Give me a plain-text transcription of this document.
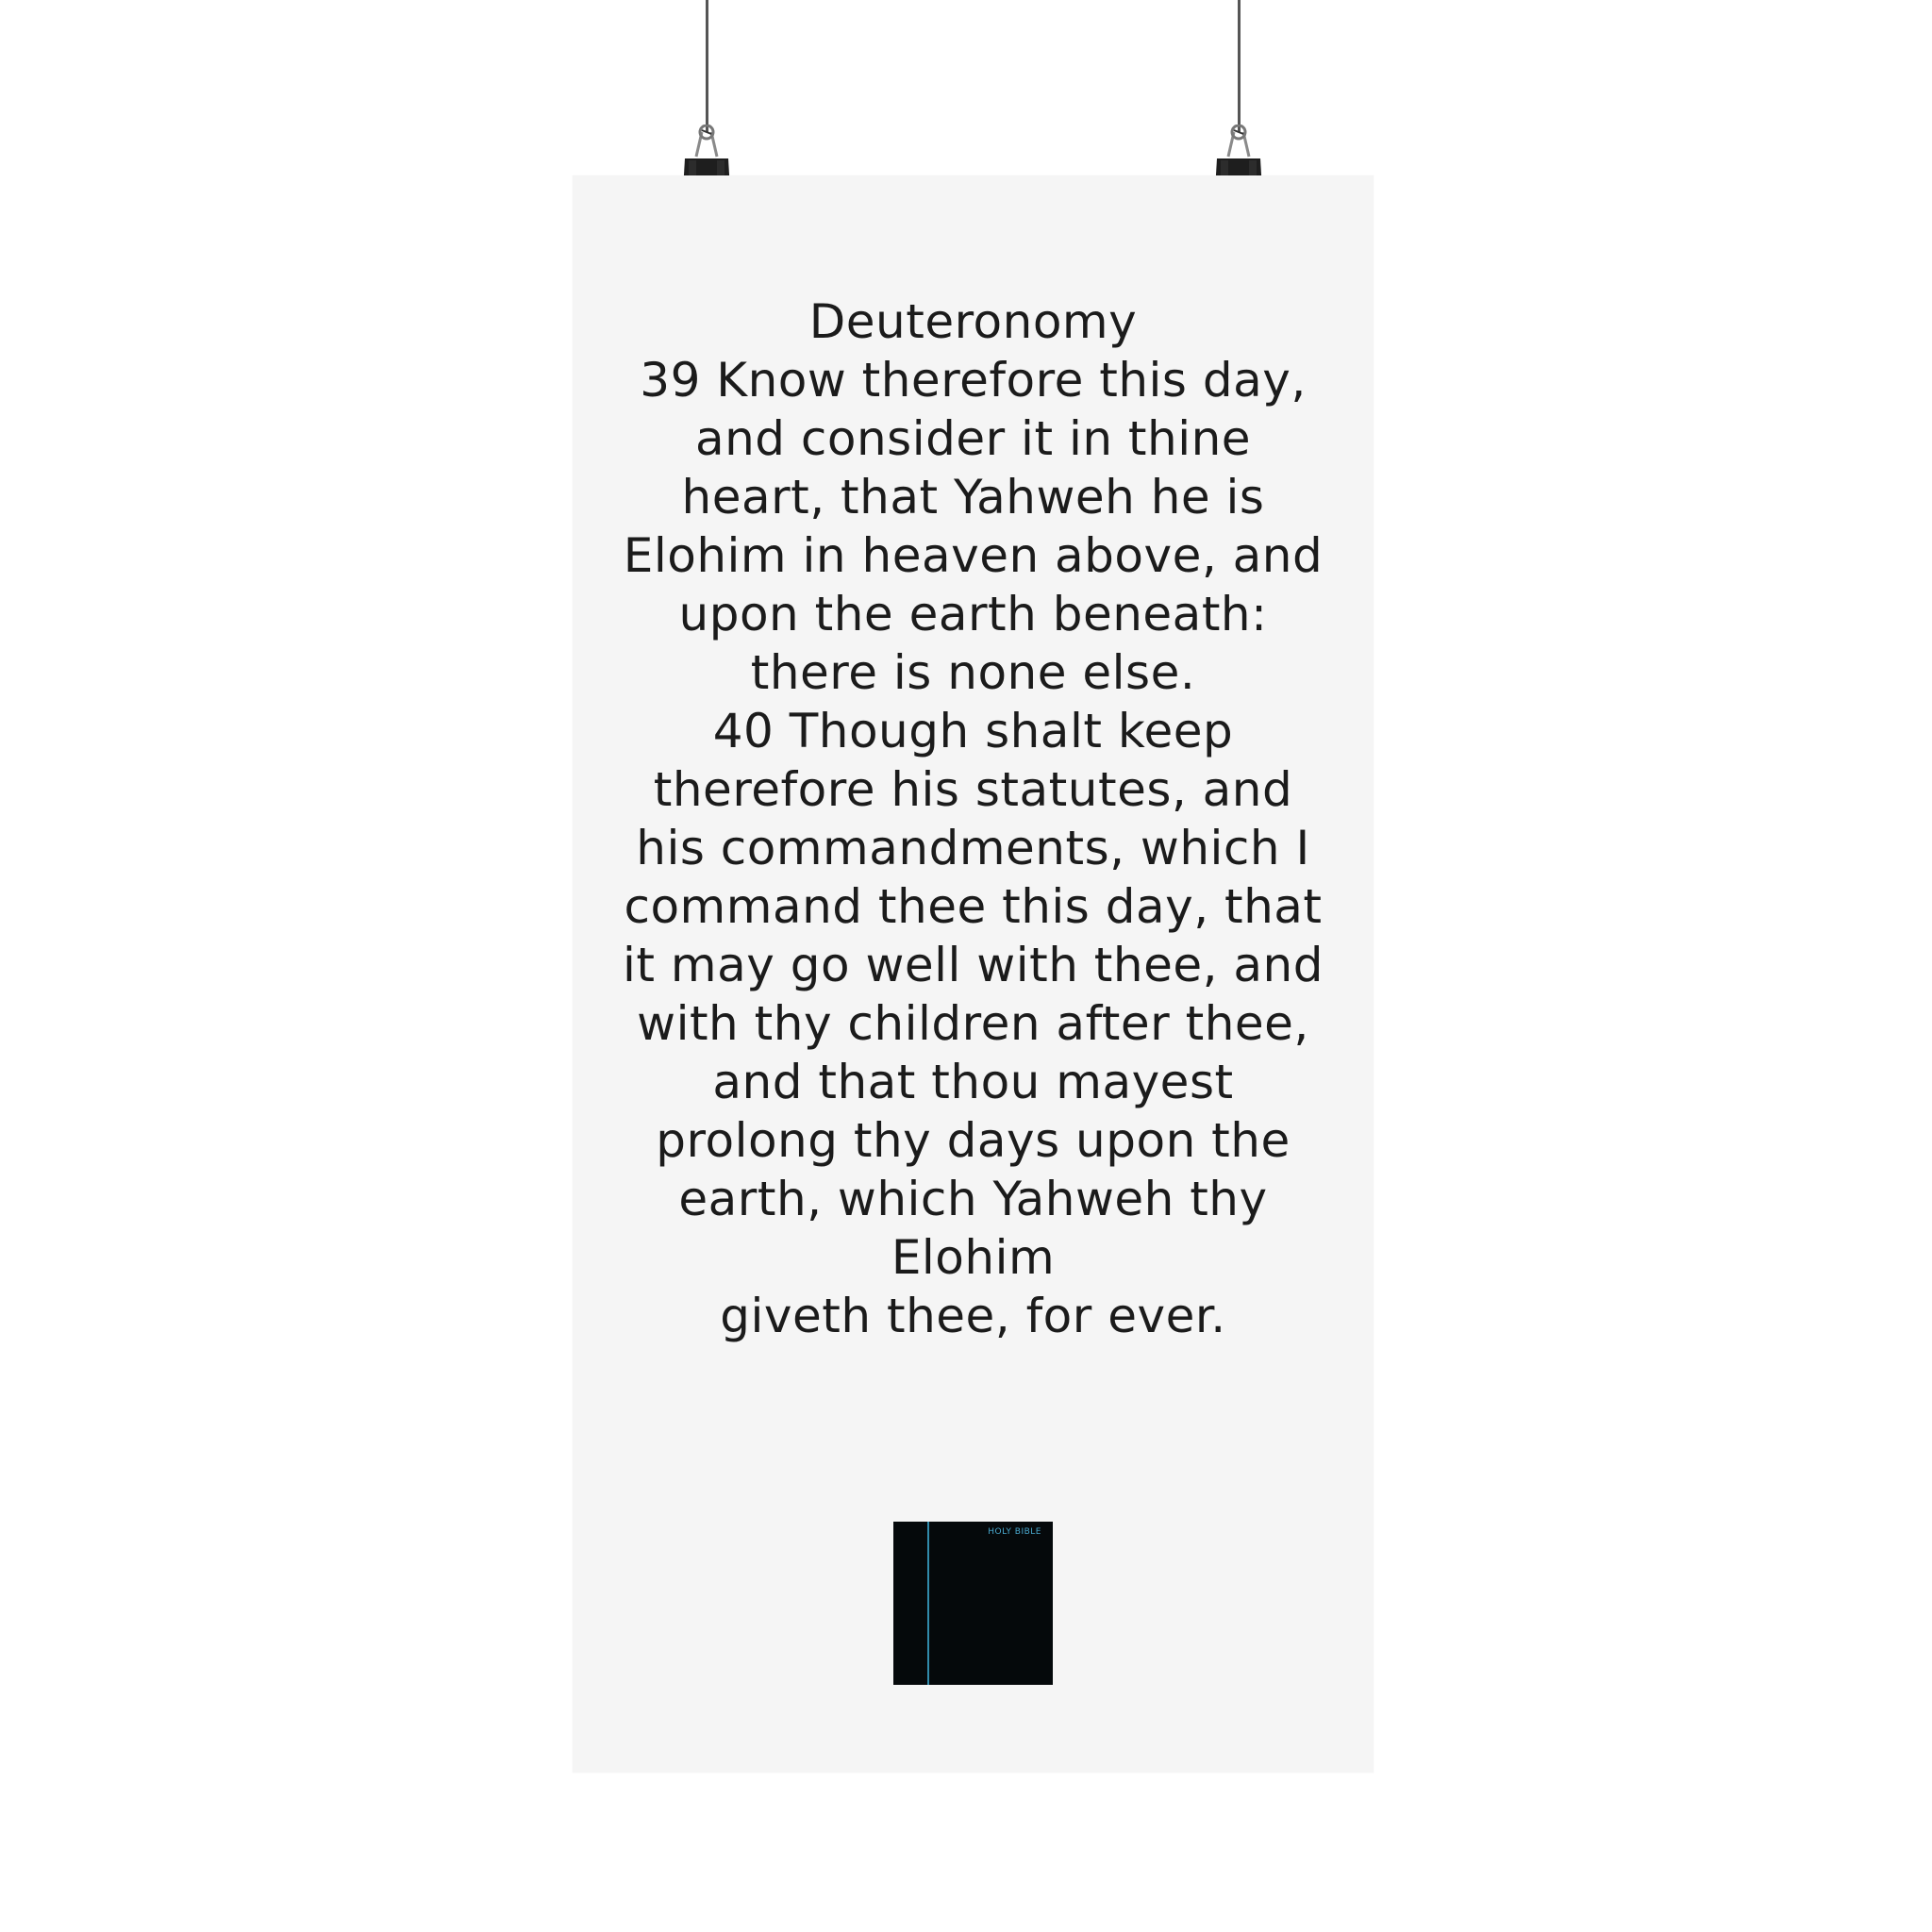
Deuteronomy
39 Know therefore this day,
and consider it in thine
heart, that Yahweh he is
Elohim in heaven above, and
upon the earth beneath:
there is none else.
40 Though shalt keep
therefore his statutes, and
his commandments, which I
command thee this day, that
it may go well with thee, and
with thy children after thee,
and that thou mayest
prolong thy days upon the
earth, which Yahweh thy
Elohim
giveth thee, for ever.
HOLY BIBLE
